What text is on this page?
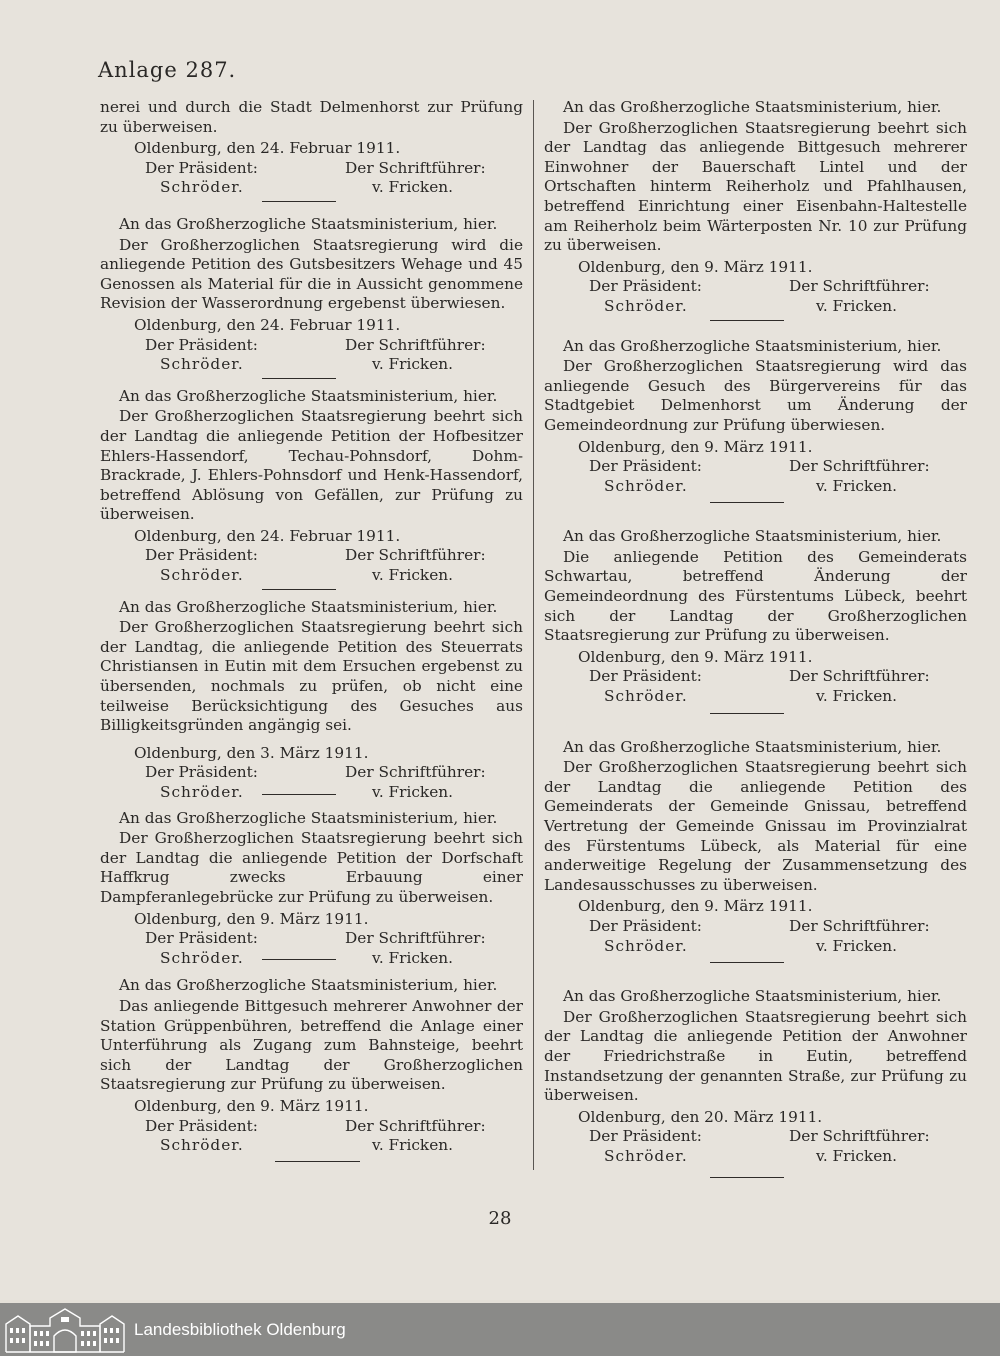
Anlage 287.

nerei und durch die Stadt Delmenhorst zur Prüfung zu überweisen.

Oldenburg, den 24. Februar 1911.
Der Präsident:	Der Schriftführer:
Schröder.	v. Fricken.
An das Großherzogliche Staatsministerium, hier.

Der Großherzoglichen Staatsregierung wird die anliegende Petition des Gutsbesitzers Wehage und 45 Genossen als Material für die in Aussicht genommene Revision der Wasserordnung ergebenst überwiesen.

Oldenburg, den 24. Februar 1911.
Der Präsident:	Der Schriftführer:
Schröder.	v. Fricken.
An das Großherzogliche Staatsministerium, hier.

Der Großherzoglichen Staatsregierung beehrt sich der Landtag die anliegende Petition der Hofbesitzer Ehlers-Hassendorf, Techau-Pohnsdorf, Dohm-Brackrade, J. Ehlers-Pohnsdorf und Henk-Hassendorf, betreffend Ablösung von Gefällen, zur Prüfung zu überweisen.

Oldenburg, den 24. Februar 1911.
Der Präsident:	Der Schriftführer:
Schröder.	v. Fricken.
An das Großherzogliche Staatsministerium, hier.

Der Großherzoglichen Staatsregierung beehrt sich der Landtag, die anliegende Petition des Steuerrats Christiansen in Eutin mit dem Ersuchen ergebenst zu übersenden, nochmals zu prüfen, ob nicht eine teilweise Berücksichtigung des Gesuches aus Billigkeitsgründen angängig sei.

Oldenburg, den 3. März 1911.
Der Präsident:	Der Schriftführer:
Schröder.	v. Fricken.
An das Großherzogliche Staatsministerium, hier.

Der Großherzoglichen Staatsregierung beehrt sich der Landtag die anliegende Petition der Dorfschaft Haffkrug zwecks Erbauung einer Dampferanlegebrücke zur Prüfung zu überweisen.

Oldenburg, den 9. März 1911.
Der Präsident:	Der Schriftführer:
Schröder.	v. Fricken.
An das Großherzogliche Staatsministerium, hier.

Das anliegende Bittgesuch mehrerer Anwohner der Station Grüppenbühren, betreffend die Anlage einer Unterführung als Zugang zum Bahnsteige, beehrt sich der Landtag der Großherzoglichen Staatsregierung zur Prüfung zu überweisen.

Oldenburg, den 9. März 1911.
Der Präsident:	Der Schriftführer:
Schröder.	v. Fricken.
An das Großherzogliche Staatsministerium, hier.

Der Großherzoglichen Staatsregierung beehrt sich der Landtag das anliegende Bittgesuch mehrerer Einwohner der Bauerschaft Lintel und der Ortschaften hinterm Reiherholz und Pfahlhausen, betreffend Einrichtung einer Eisenbahn-Haltestelle am Reiherholz beim Wärterposten Nr. 10 zur Prüfung zu überweisen.

Oldenburg, den 9. März 1911.
Der Präsident:	Der Schriftführer:
Schröder.	v. Fricken.
An das Großherzogliche Staatsministerium, hier.

Der Großherzoglichen Staatsregierung wird das anliegende Gesuch des Bürgervereins für das Stadtgebiet Delmenhorst um Änderung der Gemeindeordnung zur Prüfung überwiesen.

Oldenburg, den 9. März 1911.
Der Präsident:	Der Schriftführer:
Schröder.	v. Fricken.
An das Großherzogliche Staatsministerium, hier.

Die anliegende Petition des Gemeinderats Schwartau, betreffend Änderung der Gemeindeordnung des Fürstentums Lübeck, beehrt sich der Landtag der Großherzoglichen Staatsregierung zur Prüfung zu überweisen.

Oldenburg, den 9. März 1911.
Der Präsident:	Der Schriftführer:
Schröder.	v. Fricken.
An das Großherzogliche Staatsministerium, hier.

Der Großherzoglichen Staatsregierung beehrt sich der Landtag die anliegende Petition des Gemeinderats der Gemeinde Gnissau, betreffend Vertretung der Gemeinde Gnissau im Provinzialrat des Fürstentums Lübeck, als Material für eine anderweitige Regelung der Zusammensetzung des Landesausschusses zu überweisen.

Oldenburg, den 9. März 1911.
Der Präsident:	Der Schriftführer:
Schröder.	v. Fricken.
An das Großherzogliche Staatsministerium, hier.

Der Großherzoglichen Staatsregierung beehrt sich der Landtag die anliegende Petition der Anwohner der Friedrichstraße in Eutin, betreffend Instandsetzung der genannten Straße, zur Prüfung zu überweisen.

Oldenburg, den 20. März 1911.
Der Präsident:	Der Schriftführer:
Schröder.	v. Fricken.
28
Landesbibliothek Oldenburg
